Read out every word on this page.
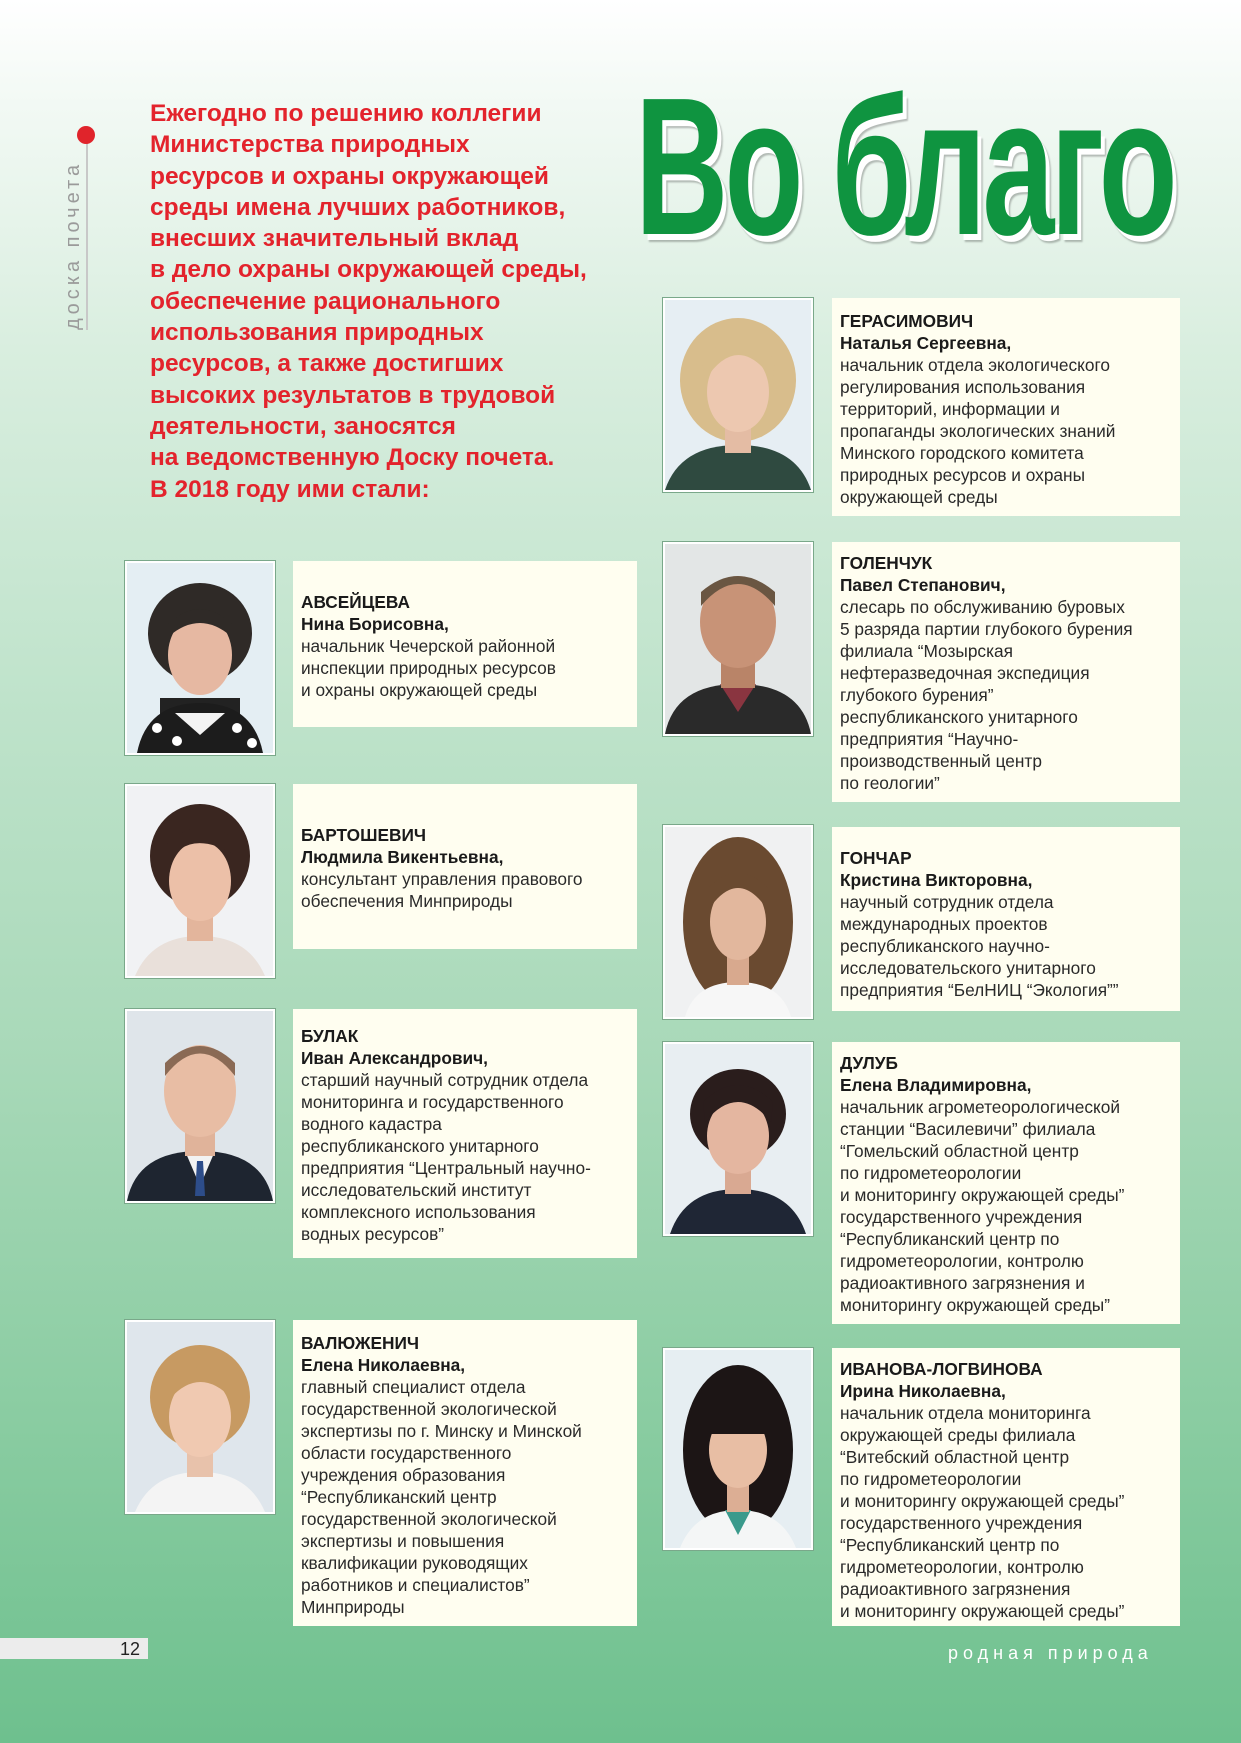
доска почета

Ежегодно по решению коллегии
Министерства природных
ресурсов и охраны окружающей
среды имена лучших работников,
внесших значительный вклад
в дело охраны окружающей среды,
обеспечение рационального
использования природных
ресурсов, а также достигших
высоких результатов в трудовой
деятельности, заносятся
на ведомственную Доску почета.
В 2018 году ими стали:

Во благо
АВСЕЙЦЕВА
Нина Борисовна,
начальник Чечерской районной
инспекции природных ресурсов
и охраны окружающей среды
БАРТОШЕВИЧ
Людмила Викентьевна,
консультант управления правового
обеспечения Минприроды
БУЛАК
Иван Александрович,
старший научный сотрудник отдела
мониторинга и государственного
водного кадастра
республиканского унитарного
предприятия “Центральный научно-
исследовательский институт
комплексного использования
водных ресурсов”
ВАЛЮЖЕНИЧ
Елена Николаевна,
главный специалист отдела
государственной экологической
экспертизы по г. Минску и Минской
области государственного
учреждения образования
“Республиканский центр
государственной экологической
экспертизы и повышения
квалификации руководящих
работников и специалистов”
Минприроды
ГЕРАСИМОВИЧ
Наталья Сергеевна,
начальник отдела экологического
регулирования использования
территорий, информации и
пропаганды экологических знаний
Минского городского комитета
природных ресурсов и охраны
окружающей среды
ГОЛЕНЧУК
Павел Степанович,
слесарь по обслуживанию буровых
5 разряда партии глубокого бурения
филиала “Мозырская
нефтеразведочная экспедиция
глубокого бурения”
республиканского унитарного
предприятия “Научно-
производственный центр
по геологии”
ГОНЧАР
Кристина Викторовна,
научный сотрудник отдела
международных проектов
республиканского научно-
исследовательского унитарного
предприятия “БелНИЦ “Экология””
ДУЛУБ
Елена Владимировна,
начальник агрометеорологической
станции “Василевичи” филиала
“Гомельский областной центр
по гидрометеорологии
и мониторингу окружающей среды”
государственного учреждения
“Республиканский центр по
гидрометеорологии, контролю
радиоактивного загрязнения и
мониторингу окружающей среды”
ИВАНОВА-ЛОГВИНОВА
Ирина Николаевна,
начальник отдела мониторинга
окружающей среды филиала
“Витебский областной центр
по гидрометеорологии
и мониторингу окружающей среды”
государственного учреждения
“Республиканский центр по
гидрометеорологии, контролю
радиоактивного загрязнения
и мониторингу окружающей среды”
12	родная природа
